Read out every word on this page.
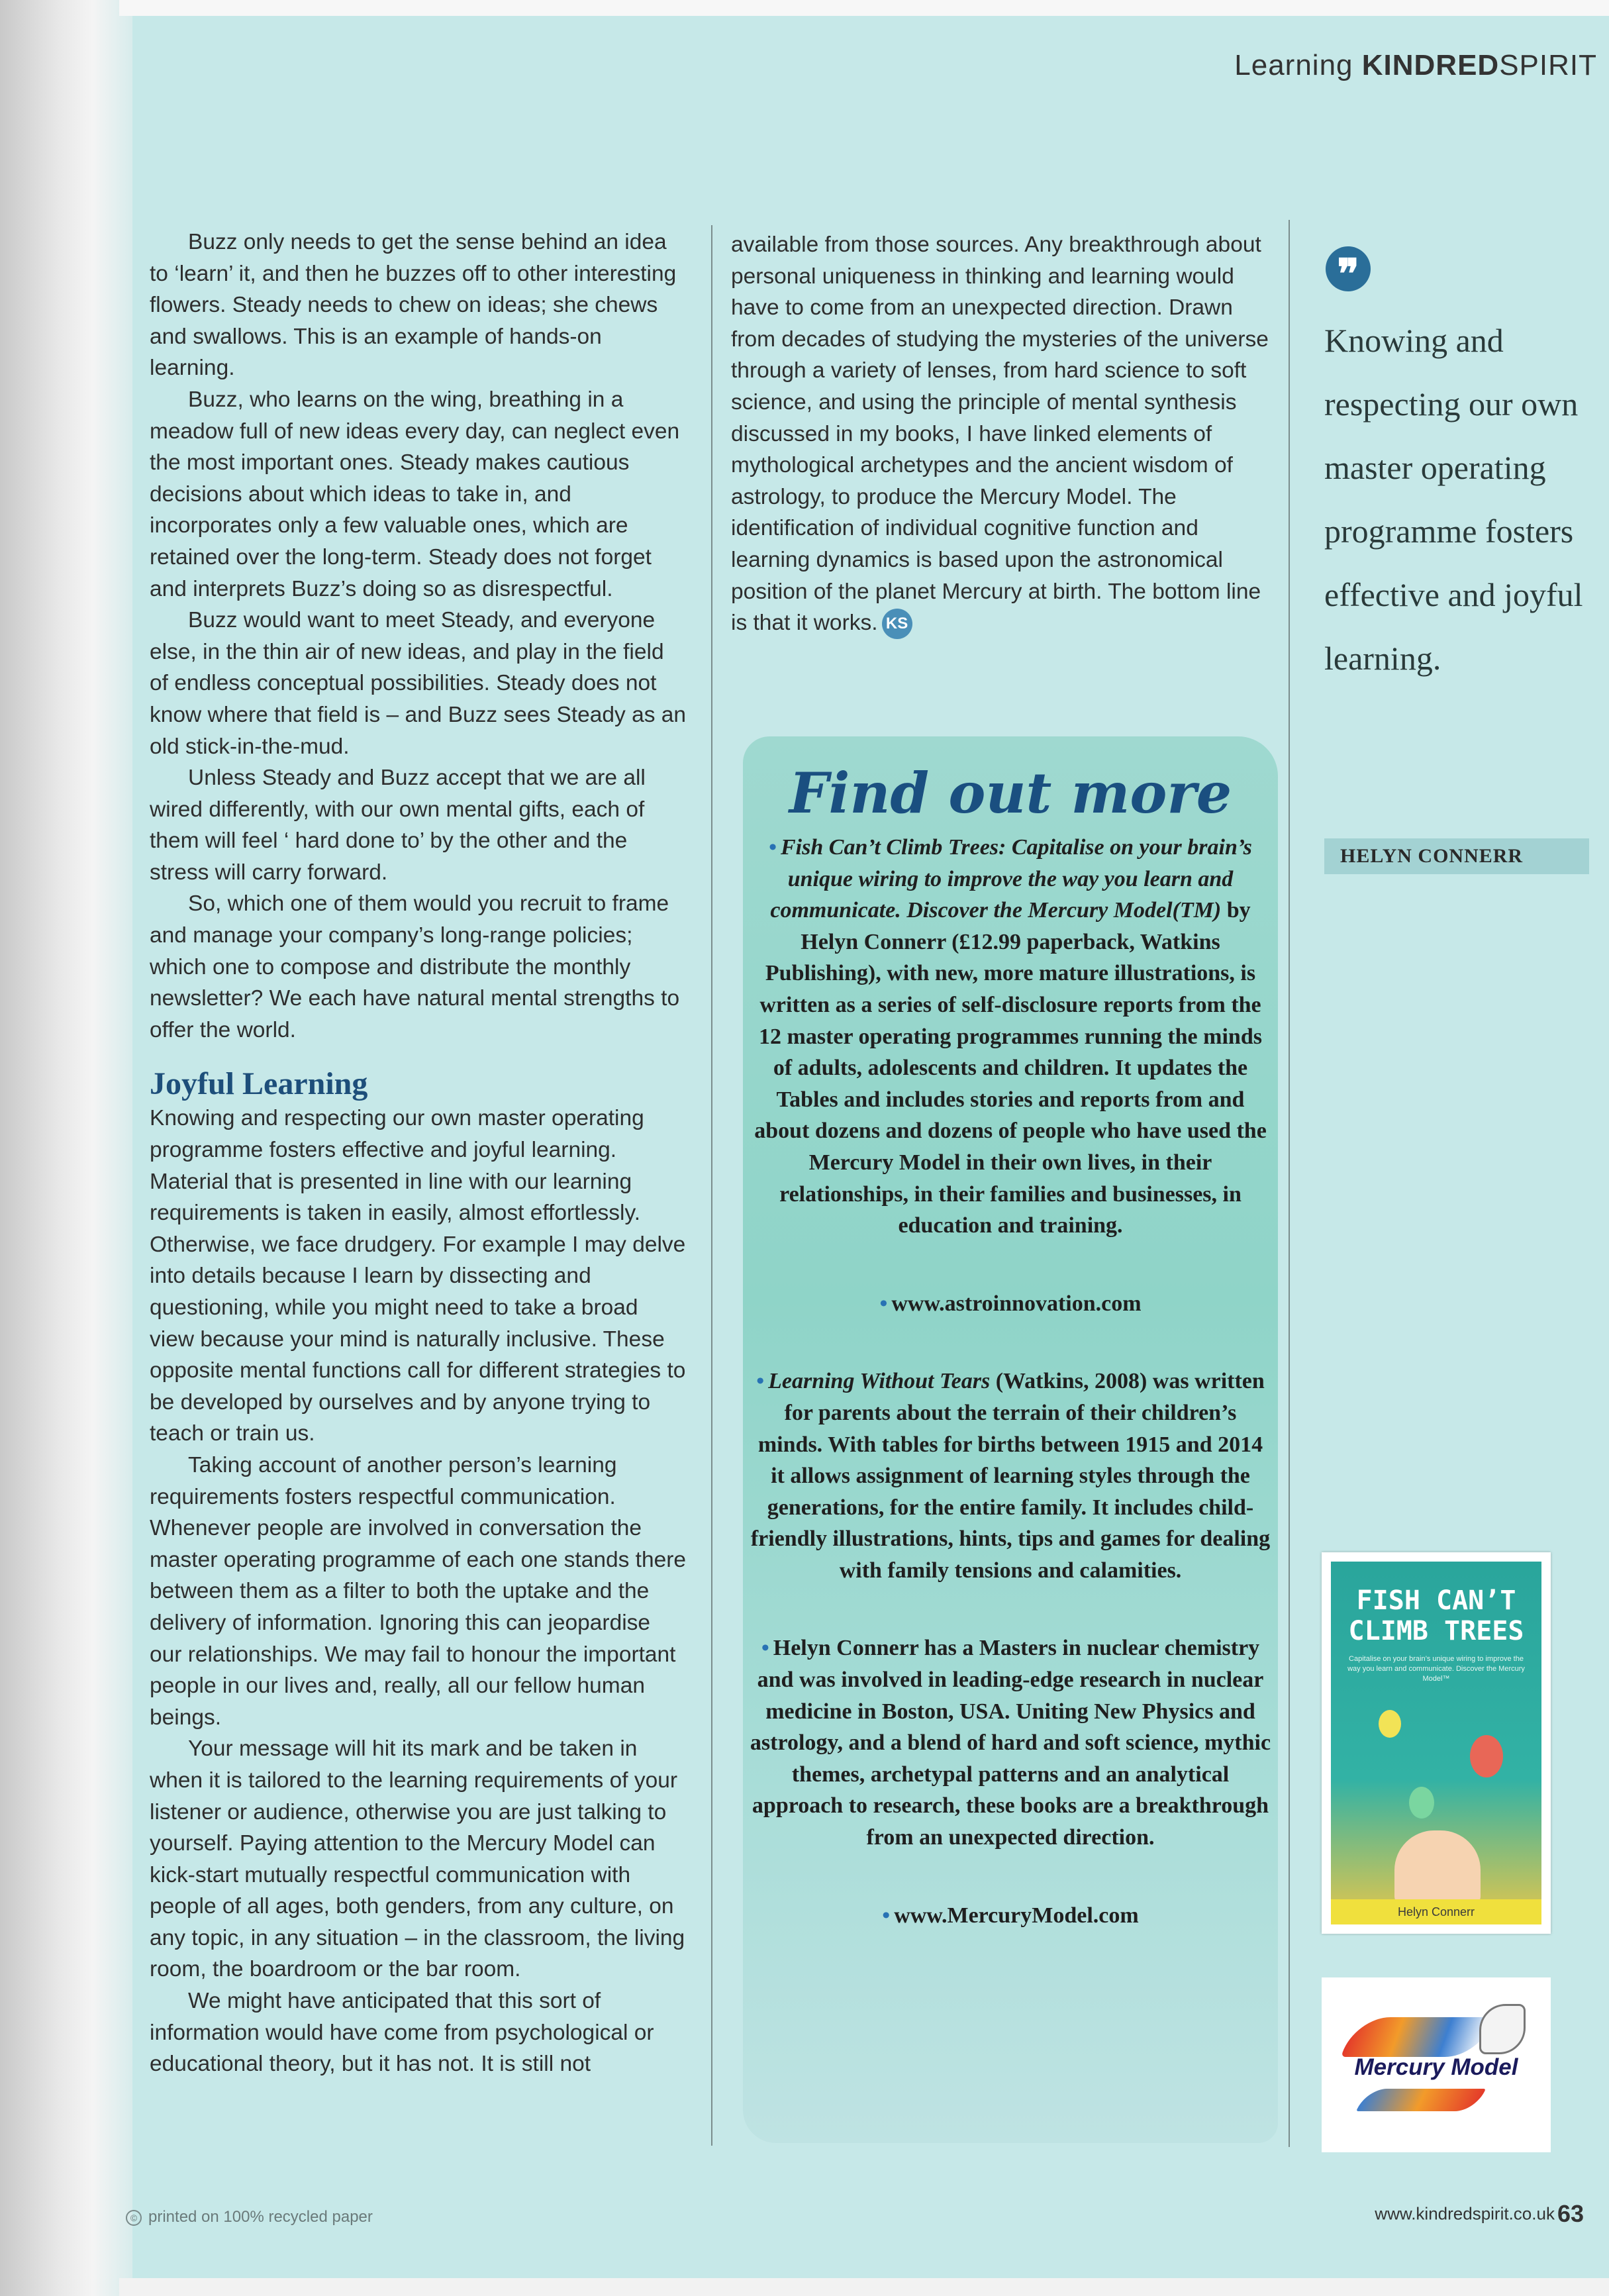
Learning KINDREDSPIRIT

Buzz only needs to get the sense behind an idea to ‘learn’ it, and then he buzzes off to other interesting flowers. Steady needs to chew on ideas; she chews and swallows. This is an example of hands-on learning.

Buzz, who learns on the wing, breathing in a meadow full of new ideas every day, can neglect even the most important ones. Steady makes cautious decisions about which ideas to take in, and incorporates only a few valuable ones, which are retained over the long-term. Steady does not forget and interprets Buzz’s doing so as disrespectful.

Buzz would want to meet Steady, and everyone else, in the thin air of new ideas, and play in the field of endless conceptual possibilities. Steady does not know where that field is – and Buzz sees Steady as an old stick-in-the-mud.

Unless Steady and Buzz accept that we are all wired differently, with our own mental gifts, each of them will feel ‘ hard done to’ by the other and the stress will carry forward.

So, which one of them would you recruit to frame and manage your company’s long-range policies; which one to compose and distribute the monthly newsletter? We each have natural mental strengths to offer the world.

Joyful Learning

Knowing and respecting our own master operating programme fosters effective and joyful learning. Material that is presented in line with our learning requirements is taken in easily, almost effortlessly. Otherwise, we face drudgery. For example I may delve into details because I learn by dissecting and questioning, while you might need to take a broad view because your mind is naturally inclusive. These opposite mental functions call for different strategies to be developed by ourselves and by anyone trying to teach or train us.

Taking account of another person’s learning requirements fosters respectful communication. Whenever people are involved in conversation the master operating programme of each one stands there between them as a filter to both the uptake and the delivery of information. Ignoring this can jeopardise our relationships. We may fail to honour the important people in our lives and, really, all our fellow human beings.

Your message will hit its mark and be taken in when it is tailored to the learning requirements of your listener or audience, otherwise you are just talking to yourself. Paying attention to the Mercury Model can kick-start mutually respectful communication with people of all ages, both genders, from any culture, on any topic, in any situation – in the classroom, the living room, the boardroom or the bar room.

We might have anticipated that this sort of information would have come from psychological or educational theory, but it has not. It is still not

available from those sources. Any breakthrough about personal uniqueness in thinking and learning would have to come from an unexpected direction. Drawn from decades of studying the mysteries of the universe through a variety of lenses, from hard science to soft science, and using the principle of mental synthesis discussed in my books, I have linked elements of mythological archetypes and the ancient wisdom of astrology, to produce the Mercury Model. The identification of individual cognitive function and learning dynamics is based upon the astronomical position of the planet Mercury at birth. The bottom line is that it works. KS

Find out more

• Fish Can’t Climb Trees: Capitalise on your brain’s unique wiring to improve the way you learn and communicate. Discover the Mercury Model(TM) by Helyn Connerr (£12.99 paperback, Watkins Publishing), with new, more mature illustrations, is written as a series of self-disclosure reports from the 12 master operating programmes running the minds of adults, adolescents and children. It updates the Tables and includes stories and reports from and about dozens and dozens of people who have used the Mercury Model in their own lives, in their relationships, in their families and businesses, in education and training.

• www.astroinnovation.com

• Learning Without Tears (Watkins, 2008) was written for parents about the terrain of their children’s minds. With tables for births between 1915 and 2014 it allows assignment of learning styles through the generations, for the entire family. It includes child-friendly illustrations, hints, tips and games for dealing with family tensions and calamities.

• Helyn Connerr has a Masters in nuclear chemistry and was involved in leading-edge research in nuclear medicine in Boston, USA. Uniting New Physics and astrology, and a blend of hard and soft science, mythic themes, archetypal patterns and an analytical approach to research, these books are a breakthrough from an unexpected direction.

• www.MercuryModel.com

❞
Knowing and respecting our own master operating programme fosters effective and joyful learning.
HELYN CONNERR
FISH CAN’T CLIMB TREES
Capitalise on your brain’s unique wiring to improve the way you learn and communicate. Discover the Mercury Model™
Helyn Connerr
Mercury Model
© printed on 100% recycled paper	www.kindredspirit.co.uk 63
